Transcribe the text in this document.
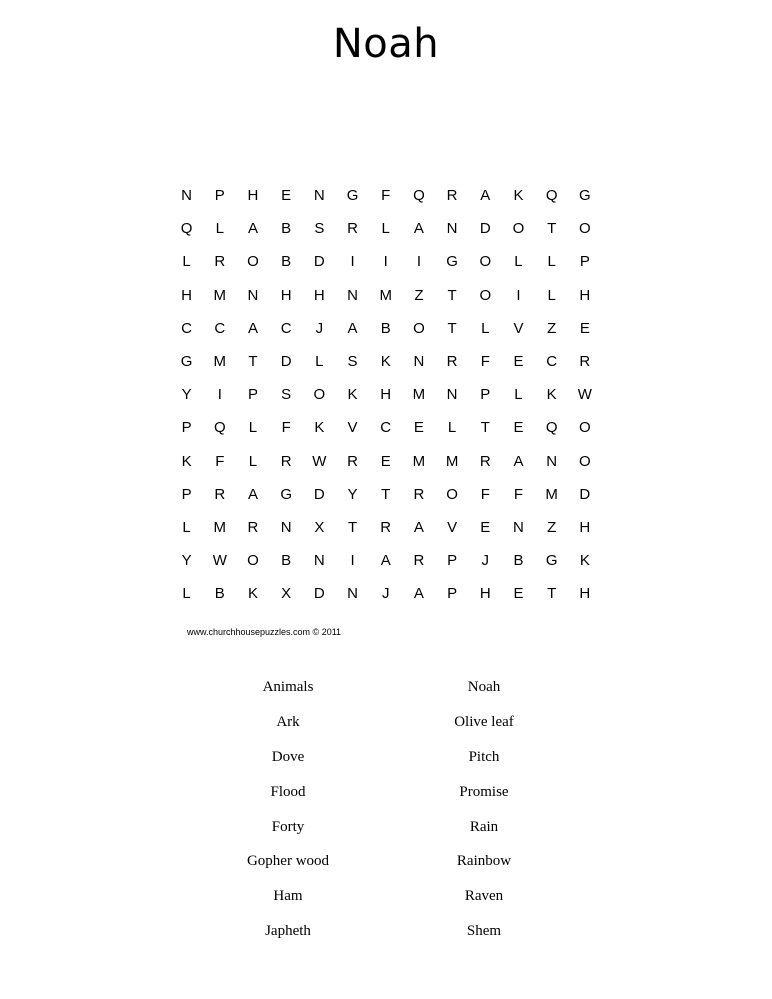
Noah
N	P	H	E	N	G	F	Q	R	A	K	Q	G
Q	L	A	B	S	R	L	A	N	D	O	T	O
L	R	O	B	D	I	I	I	G	O	L	L	P
H	M	N	H	H	N	M	Z	T	O	I	L	H
C	C	A	C	J	A	B	O	T	L	V	Z	E
G	M	T	D	L	S	K	N	R	F	E	C	R
Y	I	P	S	O	K	H	M	N	P	L	K	W
P	Q	L	F	K	V	C	E	L	T	E	Q	O
K	F	L	R	W	R	E	M	M	R	A	N	O
P	R	A	G	D	Y	T	R	O	F	F	M	D
L	M	R	N	X	T	R	A	V	E	N	Z	H
Y	W	O	B	N	I	A	R	P	J	B	G	K
L	B	K	X	D	N	J	A	P	H	E	T	H
www.churchhousepuzzles.com © 2011
Animals
Ark
Dove
Flood
Forty
Gopher wood
Ham
Japheth
Noah
Olive leaf
Pitch
Promise
Rain
Rainbow
Raven
Shem
